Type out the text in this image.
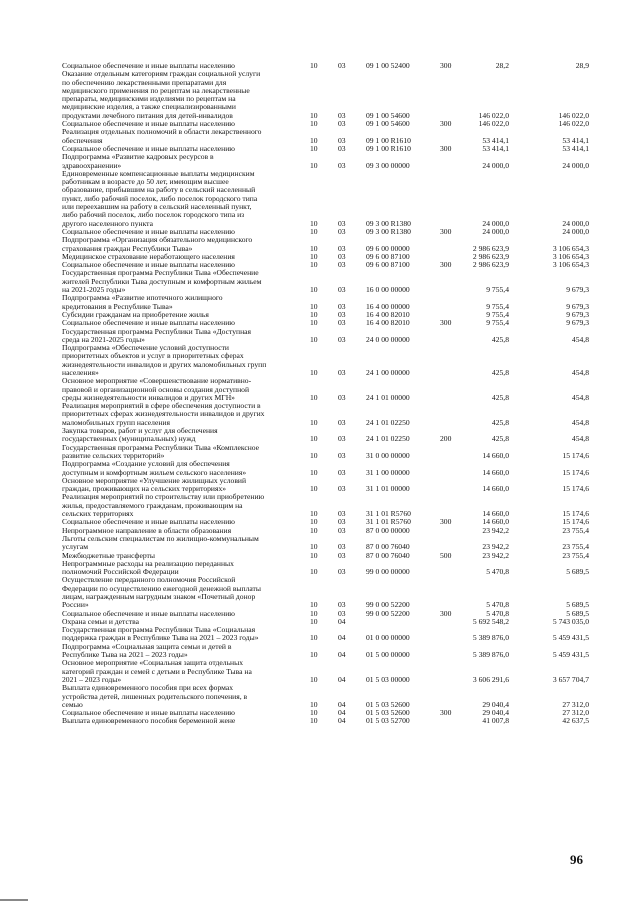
Социальное обеспечение и иные выплаты населению	10	03	09 1 00 52400	300	28,2	28,9
Оказание отдельным категориям граждан социальной услуги
по обеспечению лекарственными препаратами для
медицинского применения по рецептам на лекарственные
препараты, медицинскими изделиями по рецептам на
медицинские изделия, а также специализированными
продуктами лечебного питания для детей-инвалидов	10	03	09 1 00 54600	146 022,0	146 022,0
Социальное обеспечение и иные выплаты населению	10	03	09 1 00 54600	300	146 022,0	146 022,0
Реализация отдельных полномочий в области лекарственного
обеспечения	10	03	09 1 00 R1610	53 414,1	53 414,1
Социальное обеспечение и иные выплаты населению	10	03	09 1 00 R1610	300	53 414,1	53 414,1
Подпрограмма «Развитие кадровых ресурсов в
здравоохранении»	10	03	09 3 00 00000	24 000,0	24 000,0
Единовременные компенсационные выплаты медицинским
работникам в возрасте до 50 лет, имеющим высшее
образование, прибывшим на работу в сельский населенный
пункт, либо рабочий поселок, либо поселок городского типа
или переехавшим на работу в сельский населенный пункт,
либо рабочий поселок, либо поселок городского типа из
другого населенного пункта	10	03	09 3 00 R1380	24 000,0	24 000,0
Социальное обеспечение и иные выплаты населению	10	03	09 3 00 R1380	300	24 000,0	24 000,0
Подпрограмма «Организация обязательного медицинского
страхования граждан Республики Тыва»	10	03	09 6 00 00000	2 986 623,9	3 106 654,3
Медицинское страхование неработающего населения	10	03	09 6 00 87100	2 986 623,9	3 106 654,3
Социальное обеспечение и иные выплаты населению	10	03	09 6 00 87100	300	2 986 623,9	3 106 654,3
Государственная программа Республики Тыва «Обеспечение
жителей Республики Тыва доступным и комфортным жильем
на 2021-2025 годы»	10	03	16 0 00 00000	9 755,4	9 679,3
Подпрограмма «Развитие ипотечного жилищного
кредитования в Республике Тыва»	10	03	16 4 00 00000	9 755,4	9 679,3
Субсидии гражданам на приобретение жилья	10	03	16 4 00 82010	9 755,4	9 679,3
Социальное обеспечение и иные выплаты населению	10	03	16 4 00 82010	300	9 755,4	9 679,3
Государственная программа Республики Тыва «Доступная
среда на 2021-2025 годы»	10	03	24 0 00 00000	425,8	454,8
Подпрограмма «Обеспечение условий доступности
приоритетных объектов и услуг в приоритетных сферах
жизнедеятельности инвалидов и других маломобильных групп
населения»	10	03	24 1 00 00000	425,8	454,8
Основное мероприятие «Совершенствование нормативно-
правовой и организационной основы создания доступной
среды жизнедеятельности инвалидов и других МГН»	10	03	24 1 01 00000	425,8	454,8
Реализация мероприятий в сфере обеспечения доступности в
приоритетных сферах жизнедеятельности инвалидов и других
маломобильных групп населения	10	03	24 1 01 02250	425,8	454,8
Закупка товаров, работ и услуг для обеспечения
государственных (муниципальных) нужд	10	03	24 1 01 02250	200	425,8	454,8
Государственная программа Республики Тыва «Комплексное
развитие сельских территорий»	10	03	31 0 00 00000	14 660,0	15 174,6
Подпрограмма «Создание условий для обеспечения
доступным и комфортным жильем сельского населения»	10	03	31 1 00 00000	14 660,0	15 174,6
Основное мероприятие «Улучшение жилищных условий
граждан, проживающих на сельских территориях»	10	03	31 1 01 00000	14 660,0	15 174,6
Реализация мероприятий по строительству или приобретению
жилья, предоставляемого гражданам, проживающим на
сельских территориях	10	03	31 1 01 R5760	14 660,0	15 174,6
Социальное обеспечение и иные выплаты населению	10	03	31 1 01 R5760	300	14 660,0	15 174,6
Непрограммное направление в области образования	10	03	87 0 00 00000	23 942,2	23 755,4
Льготы сельским специалистам по жилищно-коммунальным
услугам	10	03	87 0 00 76040	23 942,2	23 755,4
Межбюджетные трансферты	10	03	87 0 00 76040	500	23 942,2	23 755,4
Непрограммные расходы на реализацию переданных
полномочий Российской Федерации	10	03	99 0 00 00000	5 470,8	5 689,5
Осуществление переданного полномочия Российской
Федерации по осуществлению ежегодной денежной выплаты
лицам, награжденным нагрудным знаком «Почетный донор
России»	10	03	99 0 00 52200	5 470,8	5 689,5
Социальное обеспечение и иные выплаты населению	10	03	99 0 00 52200	300	5 470,8	5 689,5
Охрана семьи и детства	10	04	5 692 548,2	5 743 035,0
Государственная программа Республики Тыва «Социальная
поддержка граждан в Республике Тыва на 2021 – 2023 годы»	10	04	01 0 00 00000	5 389 876,0	5 459 431,5
Подпрограмма «Социальная защита семьи и детей в
Республике Тыва на 2021 – 2023 годы»	10	04	01 5 00 00000	5 389 876,0	5 459 431,5
Основное мероприятие «Социальная защита отдельных
категорий граждан и семей с детьми в Республике Тыва на
2021 – 2023 годы»	10	04	01 5 03 00000	3 606 291,6	3 657 704,7
Выплата единовременного пособия при всех формах
устройства детей, лишенных родительского попечения, в
семью	10	04	01 5 03 52600	29 040,4	27 312,0
Социальное обеспечение и иные выплаты населению	10	04	01 5 03 52600	300	29 040,4	27 312,0
Выплата единовременного пособия беременной жене	10	04	01 5 03 52700	41 007,8	42 637,5
96
